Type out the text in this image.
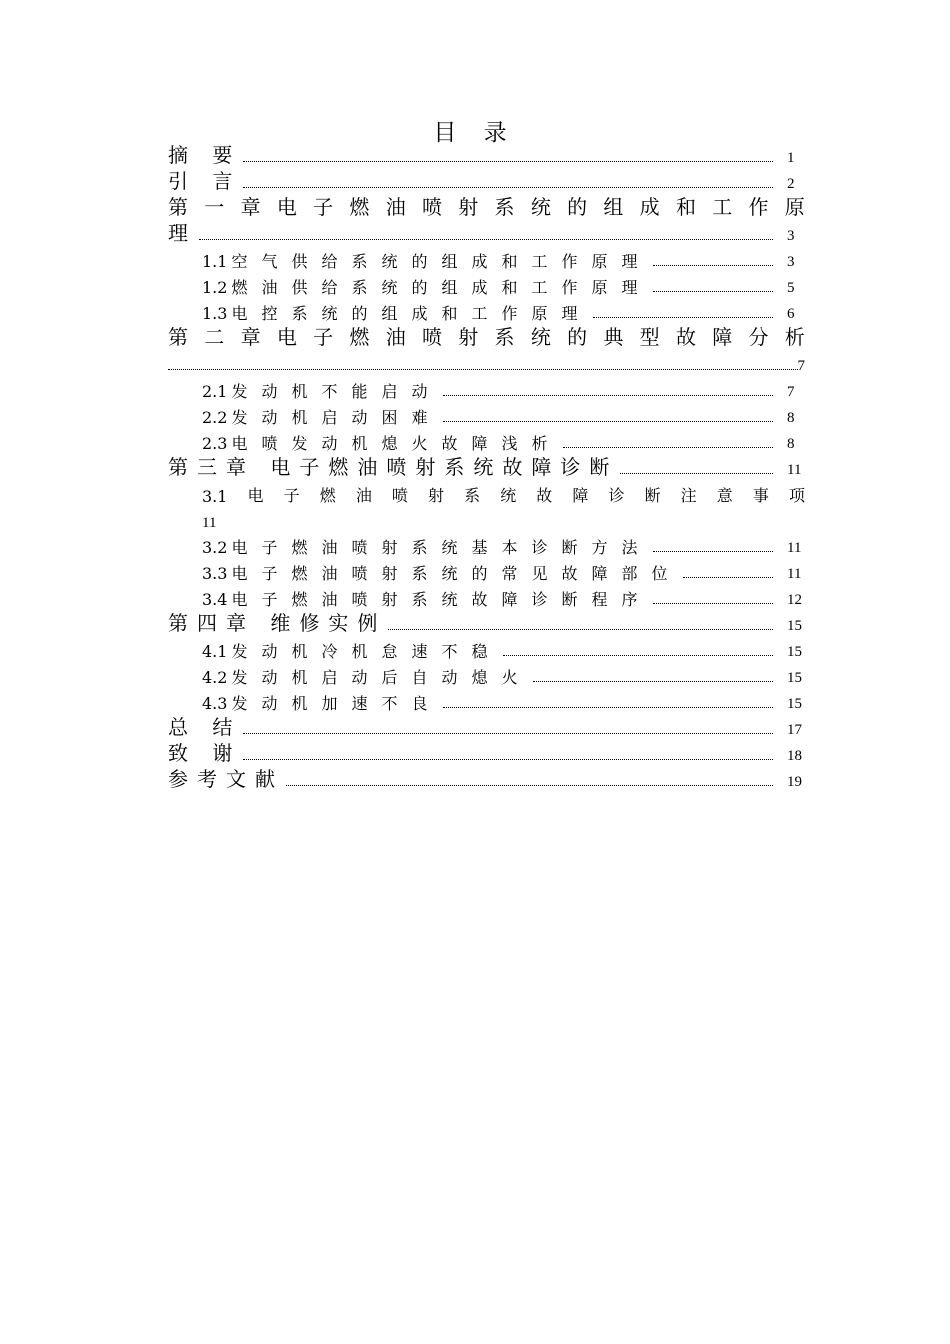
目 录
摘 要	1
引 言	2
第 一 章 电 子 燃 油 喷 射 系 统 的 组 成 和 工 作 原
理	3
1.1 空气供给系统的组成和工作原理	3
1.2 燃油供给系统的组成和工作原理	5
1.3 电控系统的组成和工作原理	6
第 二 章 电 子 燃 油 喷 射 系 统 的 典 型 故 障 分 析
7
2.1 发动机不能启动	7
2.2 发动机启动困难	8
2.3 电喷发动机熄火故障浅析	8
第三章 电子燃油喷射系统故障诊断	11
3.1 电 子 燃 油 喷 射 系 统 故 障 诊 断 注 意 事 项
11
3.2 电子燃油喷射系统基本诊断方法	11
3.3 电子燃油喷射系统的常见故障部位	11
3.4 电子燃油喷射系统故障诊断程序	12
第四章 维修实例	15
4.1 发动机冷机怠速不稳	15
4.2 发动机启动后自动熄火	15
4.3 发动机加速不良	15
总 结	17
致 谢	18
参考文献	19
